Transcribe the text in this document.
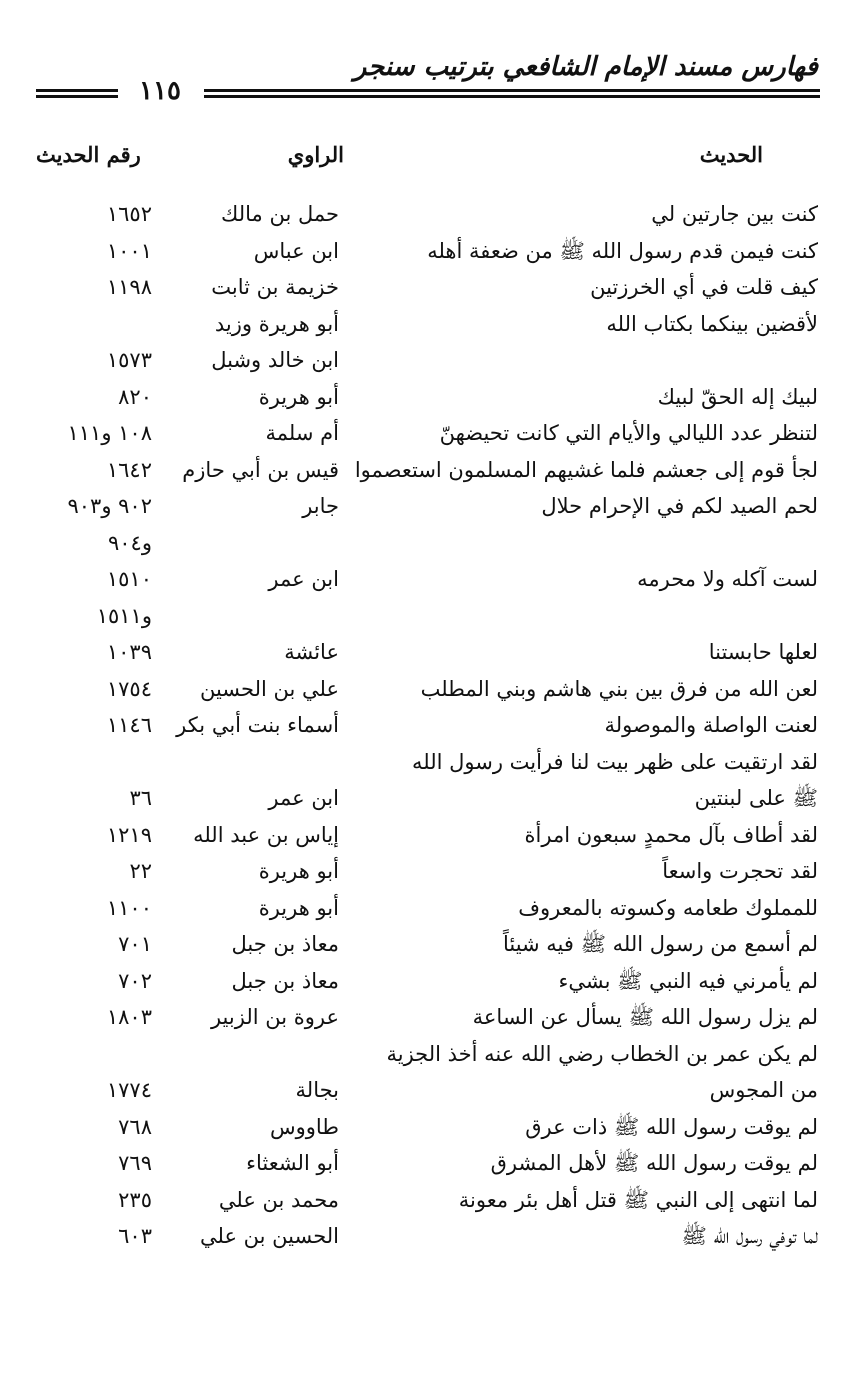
فهارس مسند الإمام الشافعي بترتيب سنجر
١١٥
الحديث
الراوي
رقم الحديث
كنت بين جارتين لي
حمل بن مالك
١٦٥٢
كنت فيمن قدم رسول الله ﷺ من ضعفة أهله
ابن عباس
١٠٠١
كيف قلت في أي الخرزتين
خزيمة بن ثابت
١١٩٨
لأقضين بينكما بكتاب الله
أبو هريرة وزيد
ابن خالد وشبل
١٥٧٣
لبيك إله الحقّ لبيك
أبو هريرة
٨٢٠
لتنظر عدد الليالي والأيام التي كانت تحيضهنّ
أم سلمة
١٠٨ و١١١
لجأ قوم إلى جعشم فلما غشيهم المسلمون استعصموا
قيس بن أبي حازم
١٦٤٢
لحم الصيد لكم في الإحرام حلال
جابر
٩٠٢ و٩٠٣
و٩٠٤
لست آكله ولا محرمه
ابن عمر
١٥١٠
و١٥١١
لعلها حابستنا
عائشة
١٠٣٩
لعن الله من فرق بين بني هاشم وبني المطلب
علي بن الحسين
١٧٥٤
لعنت الواصلة والموصولة
أسماء بنت أبي بكر
١١٤٦
لقد ارتقيت على ظهر بيت لنا فرأيت رسول الله
ﷺ على لبنتين
ابن عمر
٣٦
لقد أطاف بآل محمدٍ سبعون امرأة
إياس بن عبد الله
١٢١٩
لقد تحجرت واسعاً
أبو هريرة
٢٢
للمملوك طعامه وكسوته بالمعروف
أبو هريرة
١١٠٠
لم أسمع من رسول الله ﷺ فيه شيئاً
معاذ بن جبل
٧٠١
لم يأمرني فيه النبي ﷺ بشيء
معاذ بن جبل
٧٠٢
لم يزل رسول الله ﷺ يسأل عن الساعة
عروة بن الزبير
١٨٠٣
لم يكن عمر بن الخطاب رضي الله عنه أخذ الجزية
من المجوس
بجالة
١٧٧٤
لم يوقت رسول الله ﷺ ذات عرق
طاووس
٧٦٨
لم يوقت رسول الله ﷺ لأهل المشرق
أبو الشعثاء
٧٦٩
لما انتهى إلى النبي ﷺ قتل أهل بئر معونة
محمد بن علي
٢٣٥
لما توفي رسول الله ﷺ
الحسين بن علي
٦٠٣
